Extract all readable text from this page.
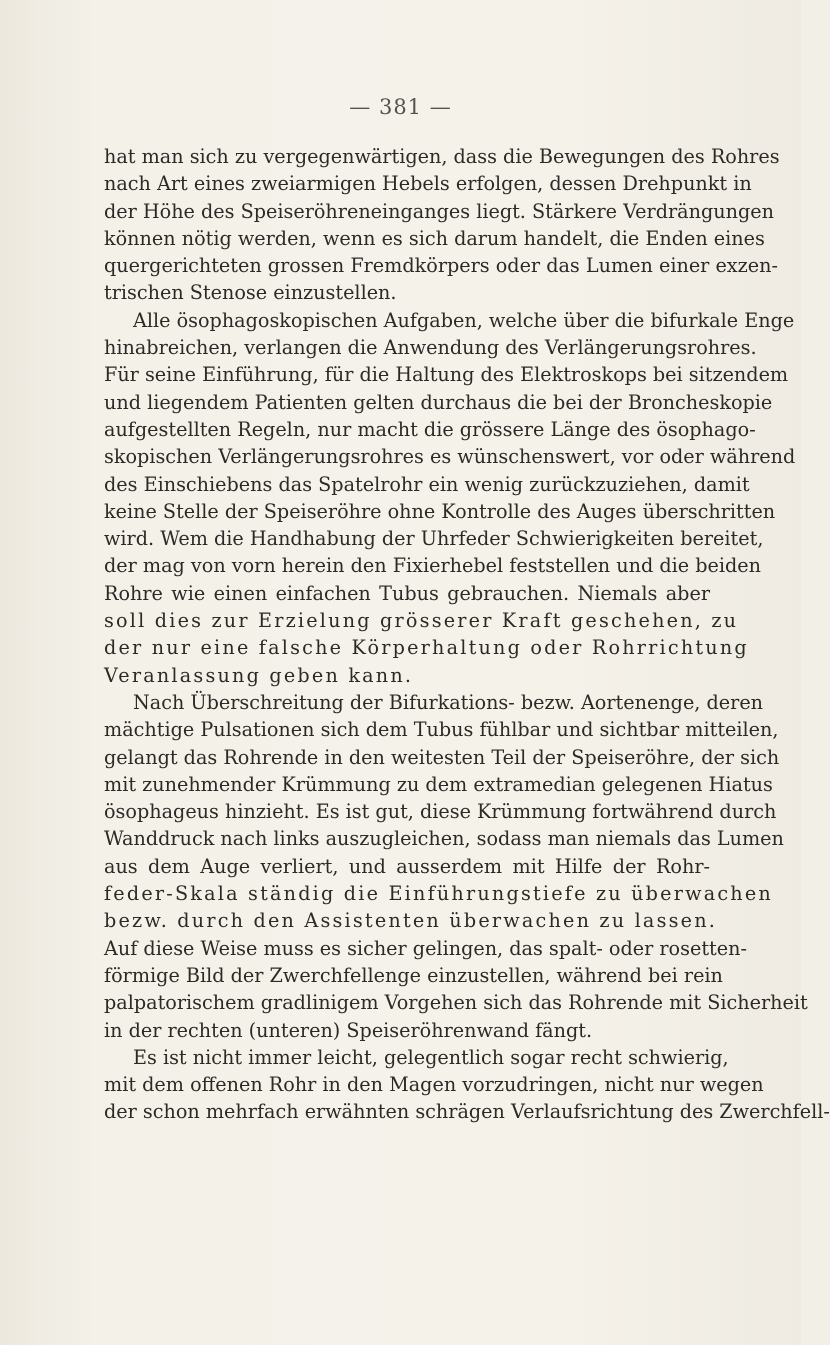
— 381 —
hat man sich zu vergegenwärtigen, dass die Bewegungen des Rohres
nach Art eines zweiarmigen Hebels erfolgen, dessen Drehpunkt in
der Höhe des Speiseröhreneinganges liegt. Stärkere Verdrängungen
können nötig werden, wenn es sich darum handelt, die Enden eines
quergerichteten grossen Fremdkörpers oder das Lumen einer exzen-
trischen Stenose einzustellen.
Alle ösophagoskopischen Aufgaben, welche über die bifurkale Enge
hinabreichen, verlangen die Anwendung des Verlängerungsrohres.
Für seine Einführung, für die Haltung des Elektroskops bei sitzendem
und liegendem Patienten gelten durchaus die bei der Broncheskopie
aufgestellten Regeln, nur macht die grössere Länge des ösophago-
skopischen Verlängerungsrohres es wünschenswert, vor oder während
des Einschiebens das Spatelrohr ein wenig zurückzuziehen, damit
keine Stelle der Speiseröhre ohne Kontrolle des Auges überschritten
wird. Wem die Handhabung der Uhrfeder Schwierigkeiten bereitet,
der mag von vorn herein den Fixierhebel feststellen und die beiden
Rohre wie einen einfachen Tubus gebrauchen. Niemals aber
soll dies zur Erzielung grösserer Kraft geschehen, zu
der nur eine falsche Körperhaltung oder Rohrrichtung
Veranlassung geben kann.
Nach Überschreitung der Bifurkations- bezw. Aortenenge, deren
mächtige Pulsationen sich dem Tubus fühlbar und sichtbar mitteilen,
gelangt das Rohrende in den weitesten Teil der Speiseröhre, der sich
mit zunehmender Krümmung zu dem extramedian gelegenen Hiatus
ösophageus hinzieht. Es ist gut, diese Krümmung fortwährend durch
Wanddruck nach links auszugleichen, sodass man niemals das Lumen
aus dem Auge verliert, und ausserdem mit Hilfe der Rohr-
feder-Skala ständig die Einführungstiefe zu überwachen
bezw. durch den Assistenten überwachen zu lassen.
Auf diese Weise muss es sicher gelingen, das spalt- oder rosetten-
förmige Bild der Zwerchfellenge einzustellen, während bei rein
palpatorischem gradlinigem Vorgehen sich das Rohrende mit Sicherheit
in der rechten (unteren) Speiseröhrenwand fängt.
Es ist nicht immer leicht, gelegentlich sogar recht schwierig,
mit dem offenen Rohr in den Magen vorzudringen, nicht nur wegen
der schon mehrfach erwähnten schrägen Verlaufsrichtung des Zwerchfell-
